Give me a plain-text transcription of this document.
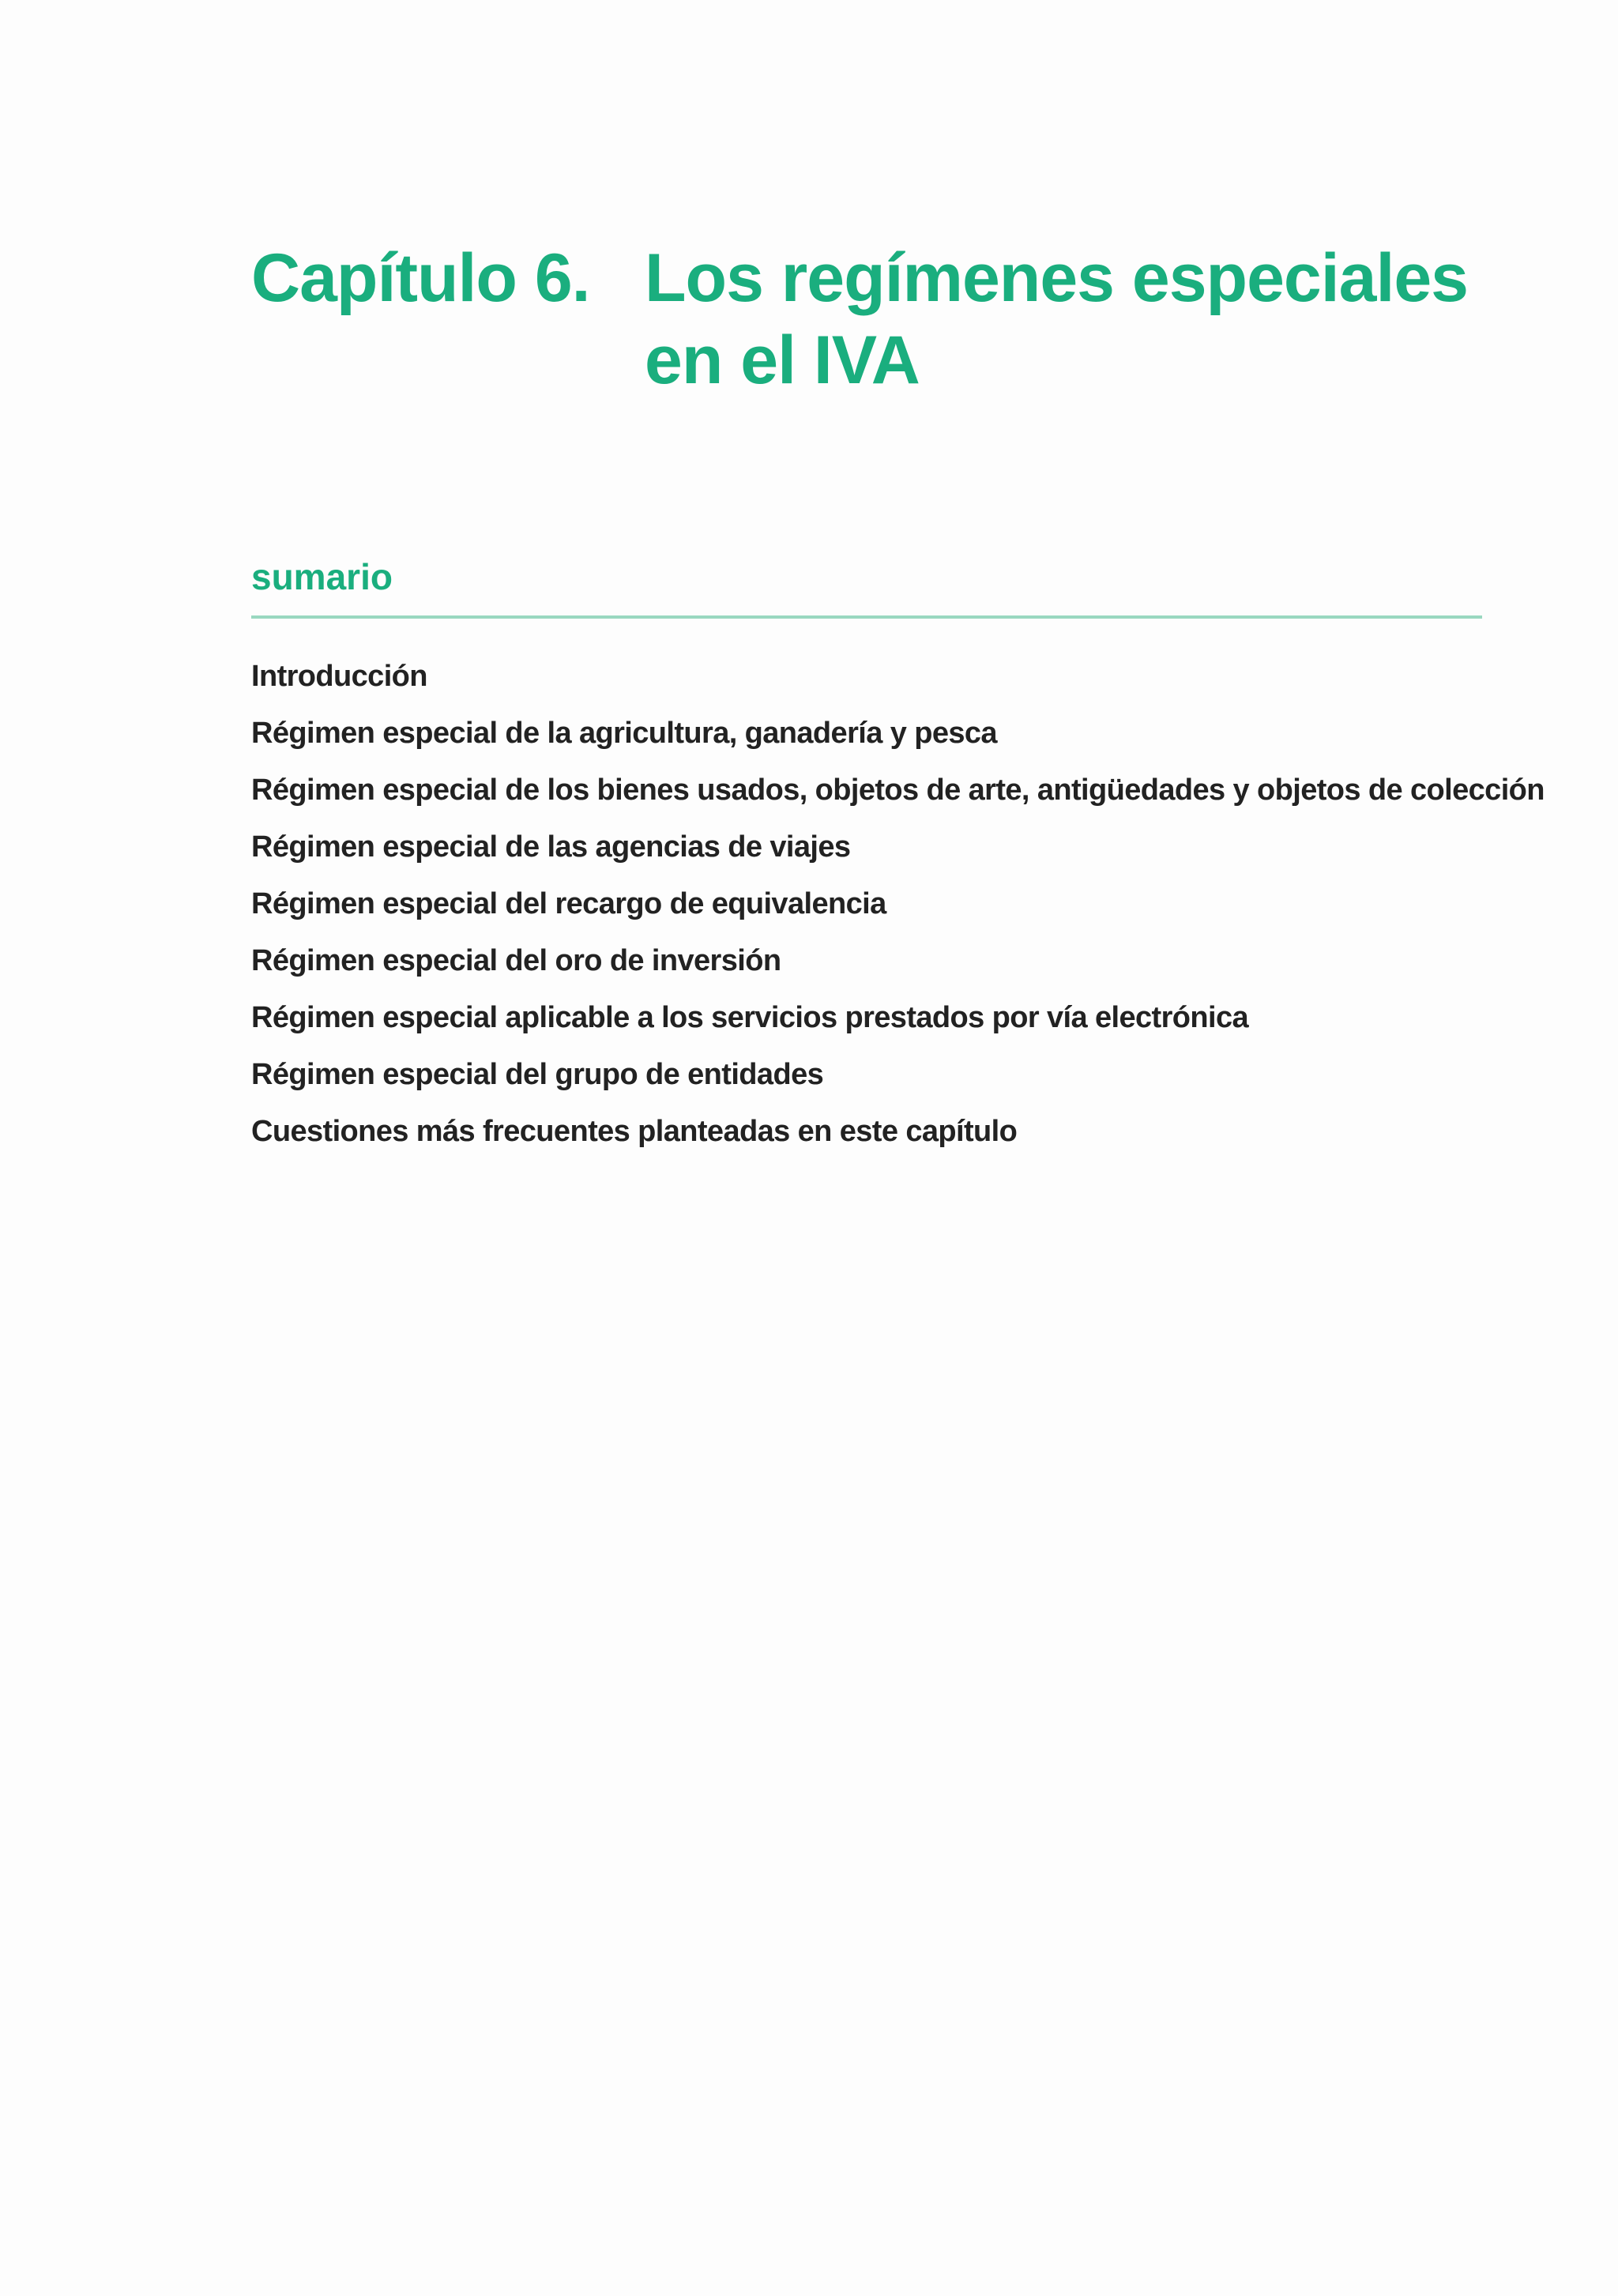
Capítulo 6. Los regímenes especiales en el IVA
sumario
Introducción
Régimen especial de la agricultura, ganadería y pesca
Régimen especial de los bienes usados, objetos de arte, antigüedades y objetos de colección
Régimen especial de las agencias de viajes
Régimen especial del recargo de equivalencia
Régimen especial del oro de inversión
Régimen especial aplicable a los servicios prestados por vía electrónica
Régimen especial del grupo de entidades
Cuestiones más frecuentes planteadas en este capítulo
